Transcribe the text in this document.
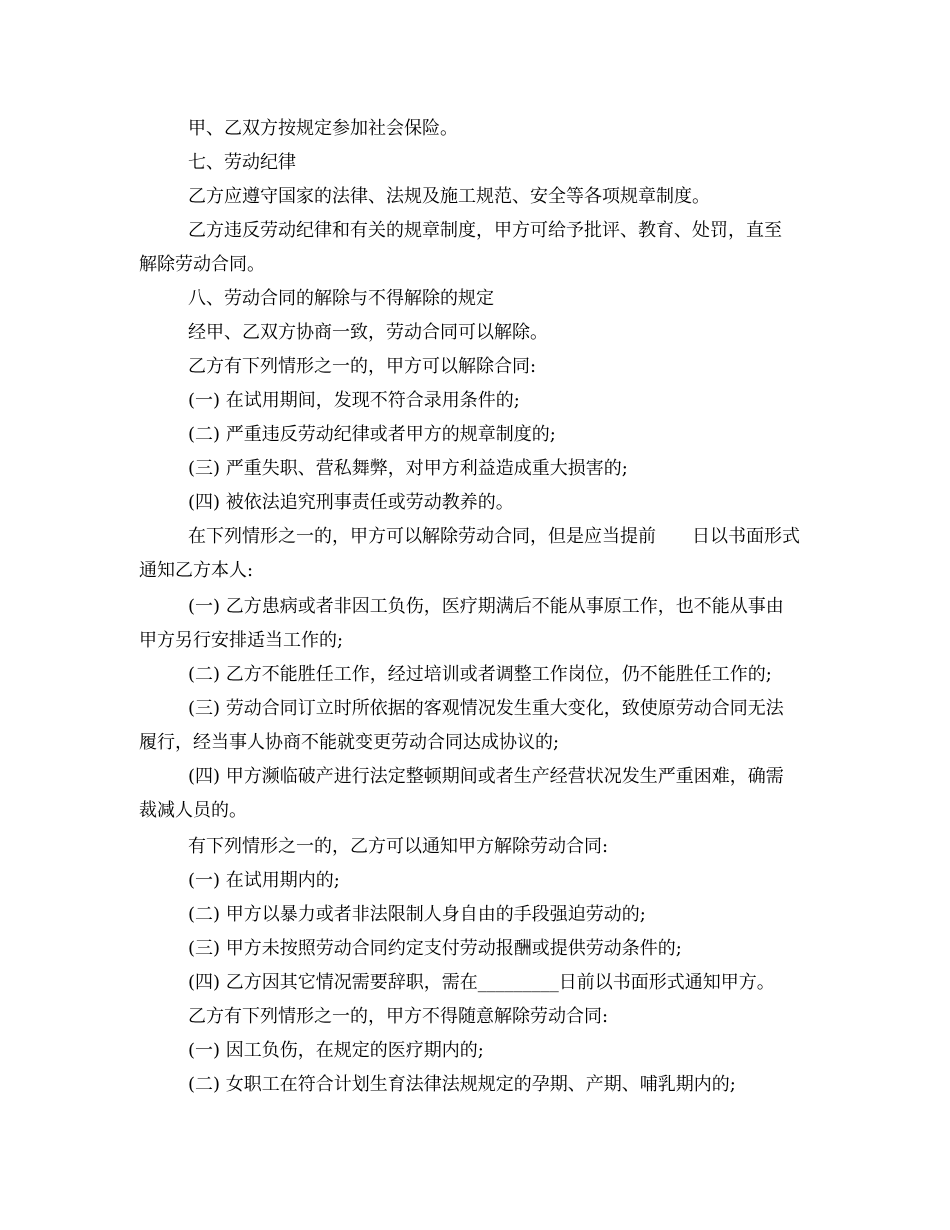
甲、乙双方按规定参加社会保险。
七、劳动纪律
乙方应遵守国家的法律、法规及施工规范、安全等各项规章制度。
乙方违反劳动纪律和有关的规章制度，甲方可给予批评、教育、处罚，直至
解除劳动合同。
八、劳动合同的解除与不得解除的规定
经甲、乙双方协商一致，劳动合同可以解除。
乙方有下列情形之一的，甲方可以解除合同:
(一) 在试用期间，发现不符合录用条件的;
(二) 严重违反劳动纪律或者甲方的规章制度的;
(三) 严重失职、营私舞弊，对甲方利益造成重大损害的;
(四) 被依法追究刑事责任或劳动教养的。
在下列情形之一的，甲方可以解除劳动合同，但是应当提前　　日以书面形式
通知乙方本人:
(一) 乙方患病或者非因工负伤，医疗期满后不能从事原工作，也不能从事由
甲方另行安排适当工作的;
(二) 乙方不能胜任工作，经过培训或者调整工作岗位，仍不能胜任工作的;
(三) 劳动合同订立时所依据的客观情况发生重大变化，致使原劳动合同无法
履行，经当事人协商不能就变更劳动合同达成协议的;
(四) 甲方濒临破产进行法定整顿期间或者生产经营状况发生严重困难，确需
裁减人员的。
有下列情形之一的，乙方可以通知甲方解除劳动合同:
(一) 在试用期内的;
(二) 甲方以暴力或者非法限制人身自由的手段强迫劳动的;
(三) 甲方未按照劳动合同约定支付劳动报酬或提供劳动条件的;
(四) 乙方因其它情况需要辞职，需在_________日前以书面形式通知甲方。
乙方有下列情形之一的，甲方不得随意解除劳动合同:
(一) 因工负伤，在规定的医疗期内的;
(二) 女职工在符合计划生育法律法规规定的孕期、产期、哺乳期内的;
